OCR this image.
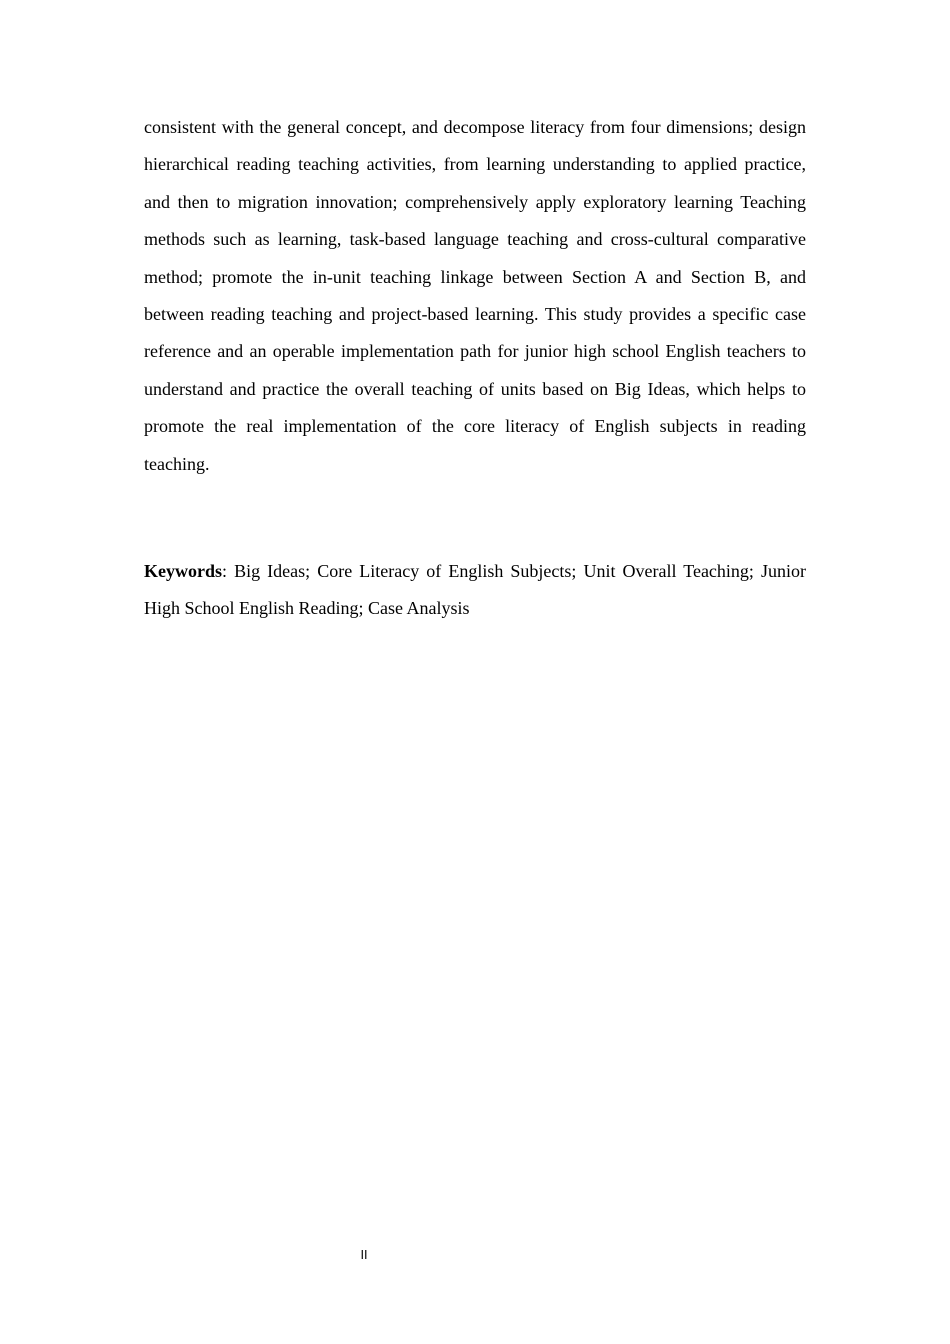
consistent with the general concept, and decompose literacy from four dimensions; design hierarchical reading teaching activities, from learning understanding to applied practice, and then to migration innovation; comprehensively apply exploratory learning Teaching methods such as learning, task-based language teaching and cross-cultural comparative method; promote the in-unit teaching linkage between Section A and Section B, and between reading teaching and project-based learning. This study provides a specific case reference and an operable implementation path for junior high school English teachers to understand and practice the overall teaching of units based on Big Ideas, which helps to promote the real implementation of the core literacy of English subjects in reading teaching.

Keywords: Big Ideas; Core Literacy of English Subjects; Unit Overall Teaching; Junior High School English Reading; Case Analysis

II
